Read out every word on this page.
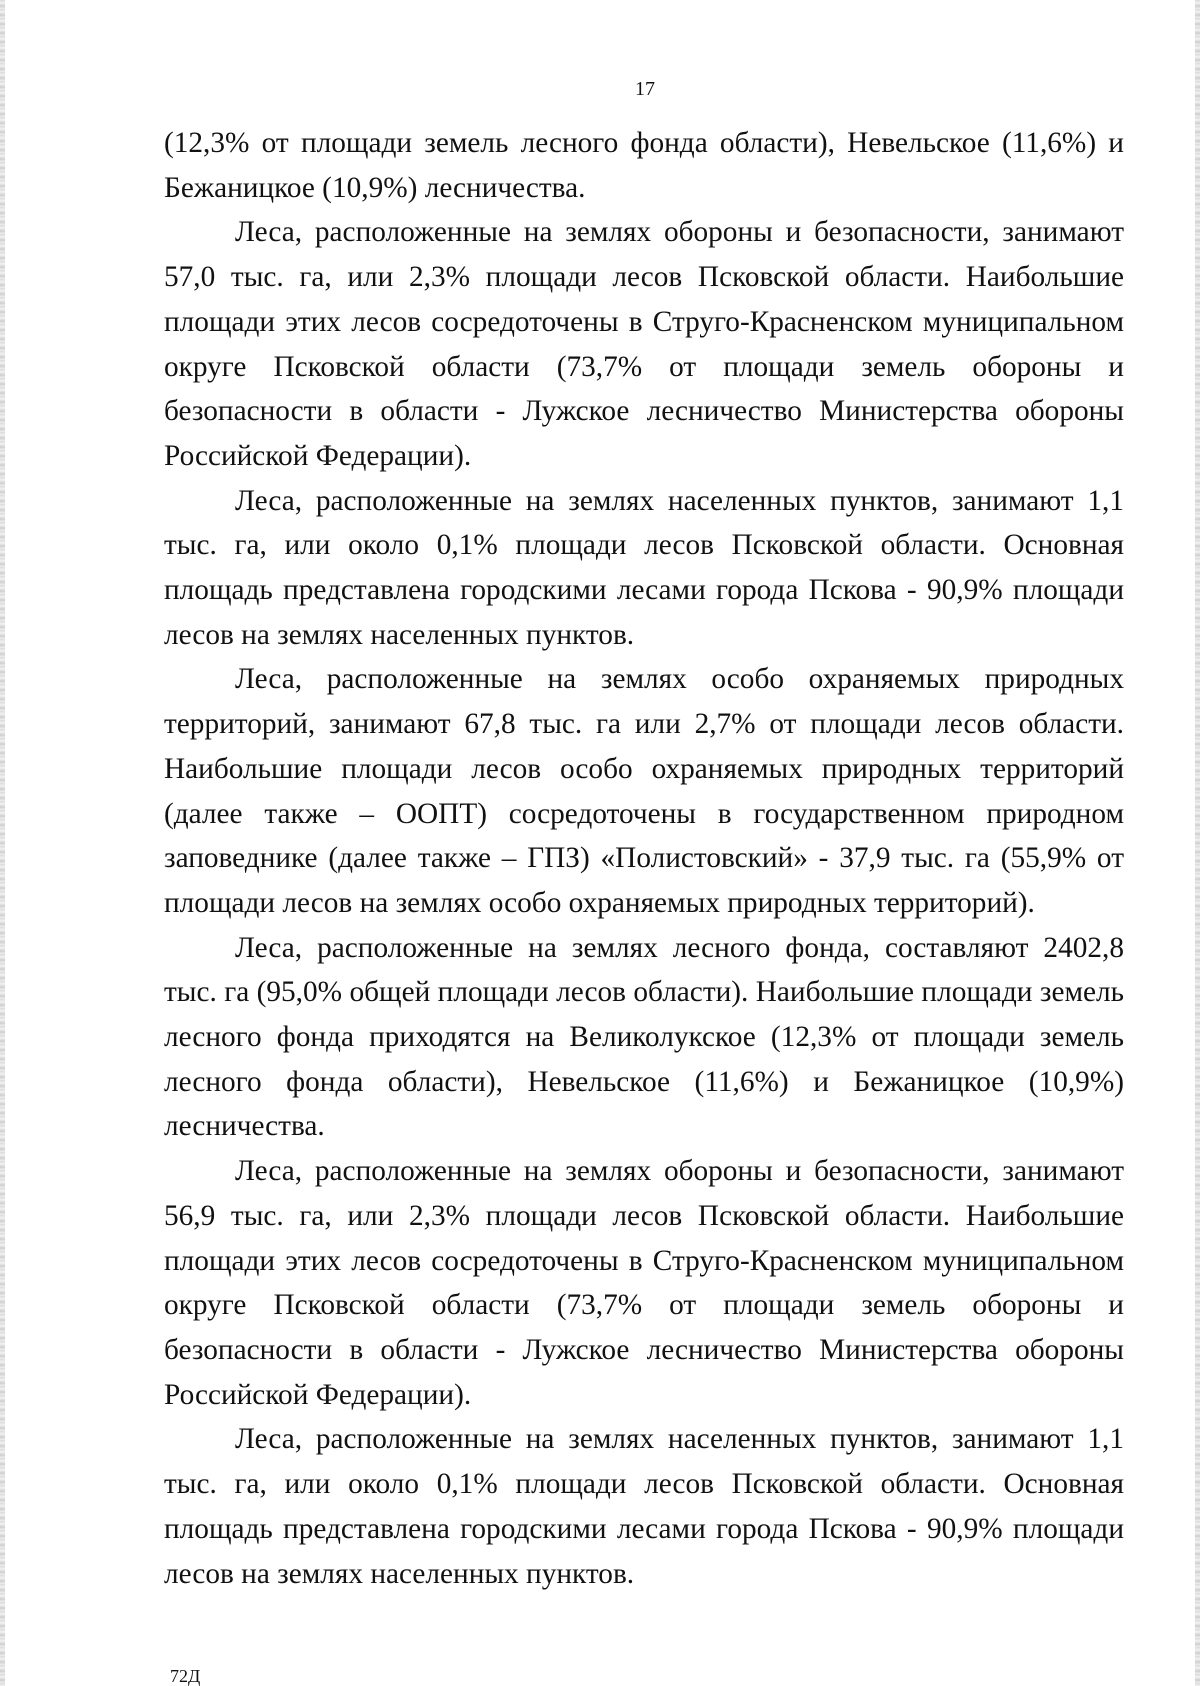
17

(12,3% от площади земель лесного фонда области), Невельское (11,6%) и Бежаницкое (10,9%) лесничества.

Леса, расположенные на землях обороны и безопасности, занимают 57,0 тыс. га, или 2,3% площади лесов Псковской области. Наибольшие площади этих лесов сосредоточены в Струго-Красненском муниципальном округе Псковской области (73,7% от площади земель обороны и безопасности в области - Лужское лесничество Министерства обороны Российской Федерации).

Леса, расположенные на землях населенных пунктов, занимают 1,1 тыс. га, или около 0,1% площади лесов Псковской области. Основная площадь представлена городскими лесами города Пскова - 90,9% площади лесов на землях населенных пунктов.

Леса, расположенные на землях особо охраняемых природных территорий, занимают 67,8 тыс. га или 2,7% от площади лесов области. Наибольшие площади лесов особо охраняемых природных территорий (далее также – ООПТ) сосредоточены в государственном природном заповеднике (далее также – ГПЗ) «Полистовский» - 37,9 тыс. га (55,9% от площади лесов на землях особо охраняемых природных территорий).

Леса, расположенные на землях лесного фонда, составляют 2402,8 тыс. га (95,0% общей площади лесов области). Наибольшие площади земель лесного фонда приходятся на Великолукское (12,3% от площади земель лесного фонда области), Невельское (11,6%) и Бежаницкое (10,9%) лесничества.

Леса, расположенные на землях обороны и безопасности, занимают 56,9 тыс. га, или 2,3% площади лесов Псковской области. Наибольшие площади этих лесов сосредоточены в Струго-Красненском муниципальном округе Псковской области (73,7% от площади земель обороны и безопасности в области - Лужское лесничество Министерства обороны Российской Федерации).

Леса, расположенные на землях населенных пунктов, занимают 1,1 тыс. га, или около 0,1% площади лесов Псковской области. Основная площадь представлена городскими лесами города Пскова - 90,9% площади лесов на землях населенных пунктов.

72Д
